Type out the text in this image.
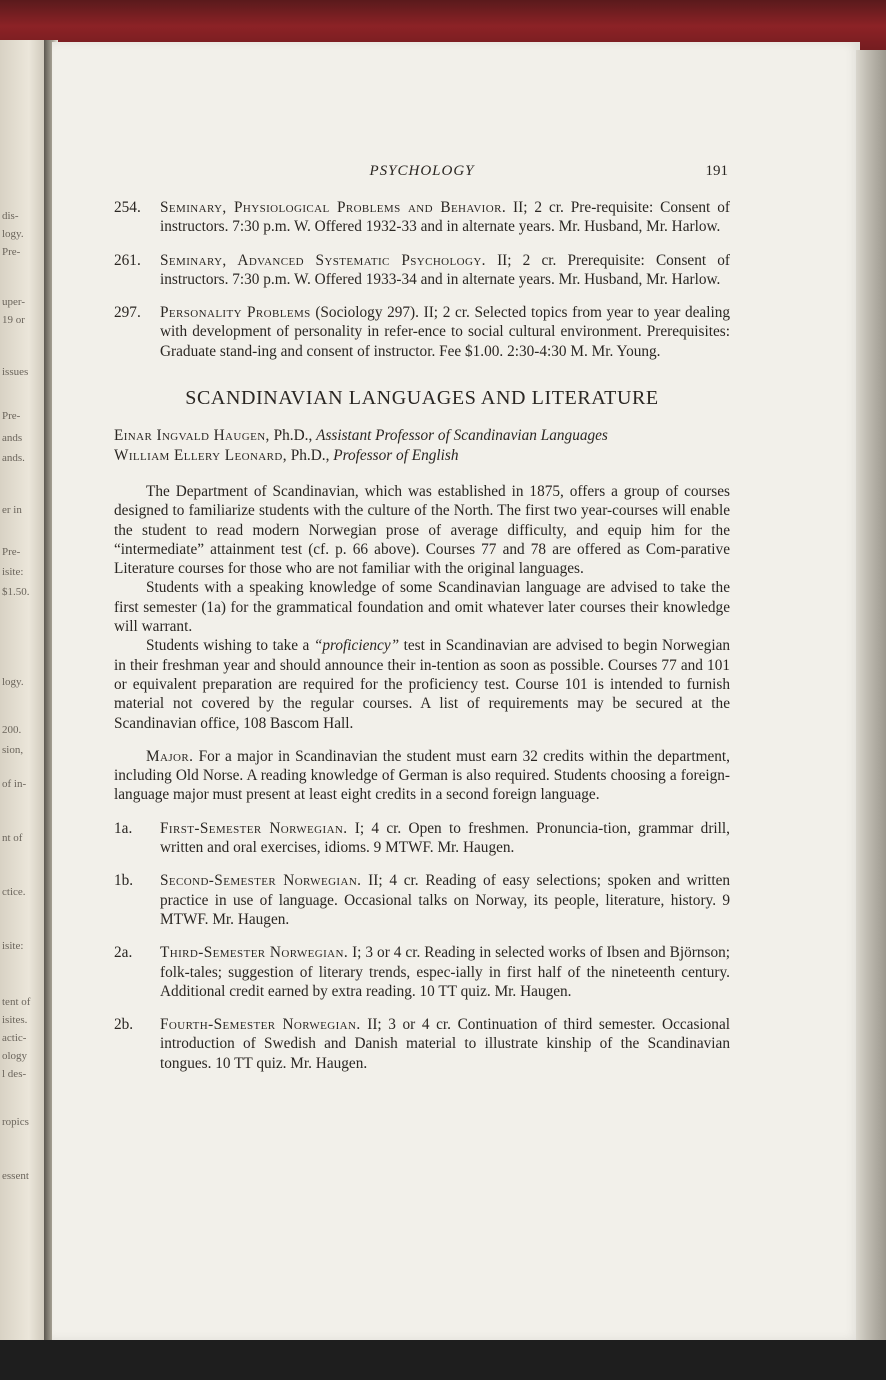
dis-
logy.
Pre-
uper-
19 or
issues
Pre-
ands
ands.
er in
Pre-
isite:
$1.50.
logy.
200.
sion,
of in-
nt of
ctice.
isite:
tent of
isites.
actic-
ology
l des-
ropics
essent
PSYCHOLOGY	191
254. Seminary, Physiological Problems and Behavior. II; 2 cr. Pre-requisite: Consent of instructors. 7:30 p.m. W. Offered 1932-33 and in alternate years. Mr. Husband, Mr. Harlow.
261. Seminary, Advanced Systematic Psychology. II; 2 cr. Prerequisite: Consent of instructors. 7:30 p.m. W. Offered 1933-34 and in alternate years. Mr. Husband, Mr. Harlow.
297. Personality Problems (Sociology 297). II; 2 cr. Selected topics from year to year dealing with development of personality in refer-ence to social cultural environment. Prerequisites: Graduate stand-ing and consent of instructor. Fee $1.00. 2:30-4:30 M. Mr. Young.
SCANDINAVIAN LANGUAGES AND LITERATURE

Einar Ingvald Haugen, Ph.D., Assistant Professor of Scandinavian Languages

William Ellery Leonard, Ph.D., Professor of English

The Department of Scandinavian, which was established in 1875, offers a group of courses designed to familiarize students with the culture of the North. The first two year-courses will enable the student to read modern Norwegian prose of average difficulty, and equip him for the “intermediate” attainment test (cf. p. 66 above). Courses 77 and 78 are offered as Com-parative Literature courses for those who are not familiar with the original languages.

Students with a speaking knowledge of some Scandinavian language are advised to take the first semester (1a) for the grammatical foundation and omit whatever later courses their knowledge will warrant.

Students wishing to take a “proficiency” test in Scandinavian are advised to begin Norwegian in their freshman year and should announce their in-tention as soon as possible. Courses 77 and 101 or equivalent preparation are required for the proficiency test. Course 101 is intended to furnish material not covered by the regular courses. A list of requirements may be secured at the Scandinavian office, 108 Bascom Hall.

Major. For a major in Scandinavian the student must earn 32 credits within the department, including Old Norse. A reading knowledge of German is also required. Students choosing a foreign-language major must present at least eight credits in a second foreign language.

1a. First-Semester Norwegian. I; 4 cr. Open to freshmen. Pronuncia-tion, grammar drill, written and oral exercises, idioms. 9 MTWF. Mr. Haugen.
1b. Second-Semester Norwegian. II; 4 cr. Reading of easy selections; spoken and written practice in use of language. Occasional talks on Norway, its people, literature, history. 9 MTWF. Mr. Haugen.
2a. Third-Semester Norwegian. I; 3 or 4 cr. Reading in selected works of Ibsen and Björnson; folk-tales; suggestion of literary trends, espec-ially in first half of the nineteenth century. Additional credit earned by extra reading. 10 TT quiz. Mr. Haugen.
2b. Fourth-Semester Norwegian. II; 3 or 4 cr. Continuation of third semester. Occasional introduction of Swedish and Danish material to illustrate kinship of the Scandinavian tongues. 10 TT quiz. Mr. Haugen.
